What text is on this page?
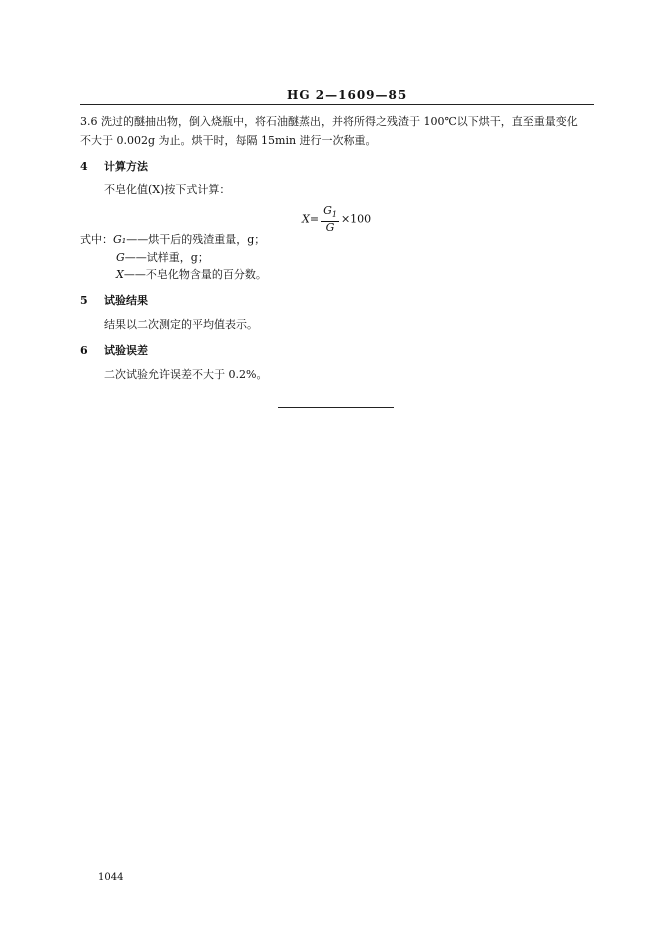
HG 2—1609—85
3.6 洗过的醚抽出物，倒入烧瓶中，将石油醚蒸出，并将所得之残渣于 100℃以下烘干，直至重量变化
不大于 0.002g 为止。烘干时，每隔 15min 进行一次称重。
4 计算方法
不皂化值(X)按下式计算：
$X= \frac{G_1}{G} \times 100$
式中：G₁——烘干后的残渣重量，g；
G——试样重，g；
X——不皂化物含量的百分数。
5 试验结果
结果以二次测定的平均值表示。
6 试验误差
二次试验允许误差不大于 0.2%。
1044
